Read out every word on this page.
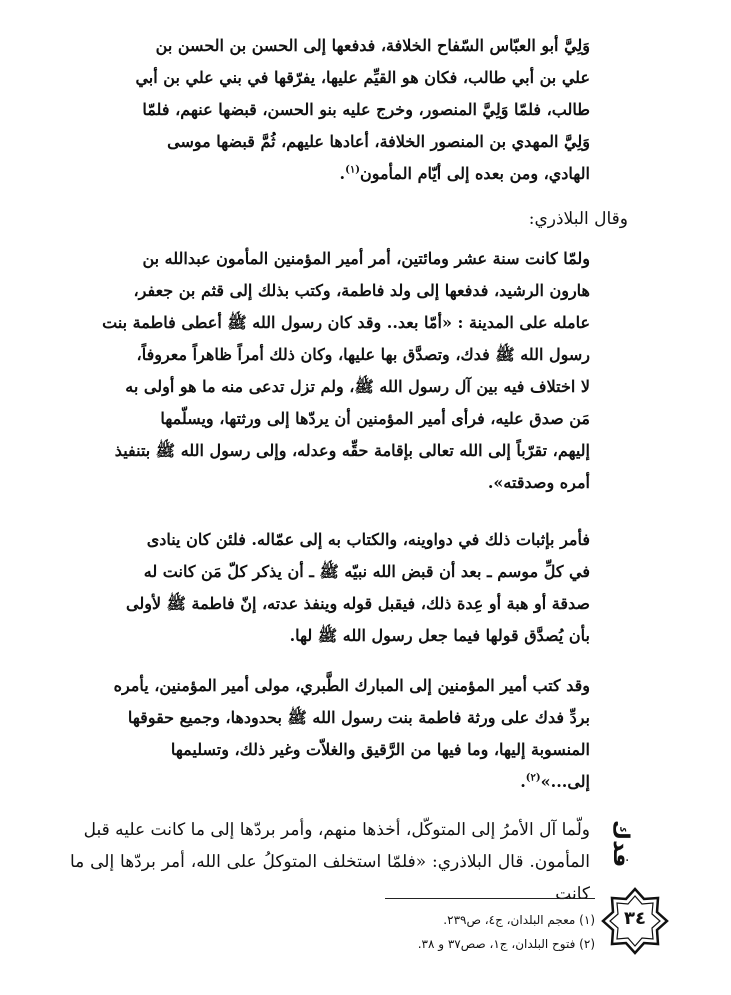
وَلِيَّ أبو العبّاس السّفاح الخلافة، فدفعها إلى الحسن بن الحسن بن

علي بن أبي طالب، فكان هو القيِّم عليها، يفرّقها في بني علي بن أبي

طالب، فلمّا وَلِيَّ المنصور، وخرج عليه بنو الحسن، قبضها عنهم، فلمّا

وَلِيَّ المهدي بن المنصور الخلافة، أعادها عليهم، ثُمَّ قبضها موسى

الهادي، ومن بعده إلى أيّام المأمون$^{(١)}$.

وقال البلاذري:

ولمّا كانت سنة عشر ومائتين، أمر أمير المؤمنين المأمون عبدالله بن

هارون الرشيد، فدفعها إلى ولد فاطمة، وكتب بذلك إلى قثم بن جعفر،

عامله على المدينة : «أمّا بعد.. وقد كان رسول الله ﷺ أعطى فاطمة بنت

رسول الله ﷺ فدك، وتصدَّق بها عليها، وكان ذلك أمراً ظاهراً معروفاً،

لا اختلاف فيه بين آل رسول الله ﷺ، ولم تزل تدعى منه ما هو أولى به

مَن صدق عليه، فرأى أمير المؤمنين أن يردّها إلى ورثتها، ويسلّمها

إليهم، تقرّباً إلى الله تعالى بإقامة حقِّه وعدله، وإلى رسول الله ﷺ بتنفيذ

أمره وصدقته».

فأمر بإثبات ذلك في دواوينه، والكتاب به إلى عمّاله. فلئن كان ينادى

في كلِّ موسم ـ بعد أن قبض الله نبيّه ﷺ ـ أن يذكر كلّ مَن كانت له

صدقة أو هبة أو عِدة ذلك، فيقبل قوله وينفذ عدته، إنّ فاطمة ﷺ لأولى

بأن يُصدَّق قولها فيما جعل رسول الله ﷺ لها.

وقد كتب أمير المؤمنين إلى المبارك الطَّبري، مولى أمير المؤمنين، يأمره

بردِّ فدك على ورثة فاطمة بنت رسول الله ﷺ بحدودها، وجميع حقوقها

المنسوبة إليها، وما فيها من الرَّقيق والغلاّت وغير ذلك، وتسليمها

إلى...»$^{(٢)}$.

ولّما آل الأمرُ إلى المتوكّل، أخذها منهم، وأمر بردّها إلى ما كانت عليه قبل

المأمون. قال البلاذري: «فلمّا استخلف المتوكلُ على الله، أمر بردّها إلى ما كانت

فدك
(١) معجم البلدان، ج٤، ص٢٣٩.
(٢) فتوح البلدان، ج١، صص٣٧ و ٣٨.
٣٤
